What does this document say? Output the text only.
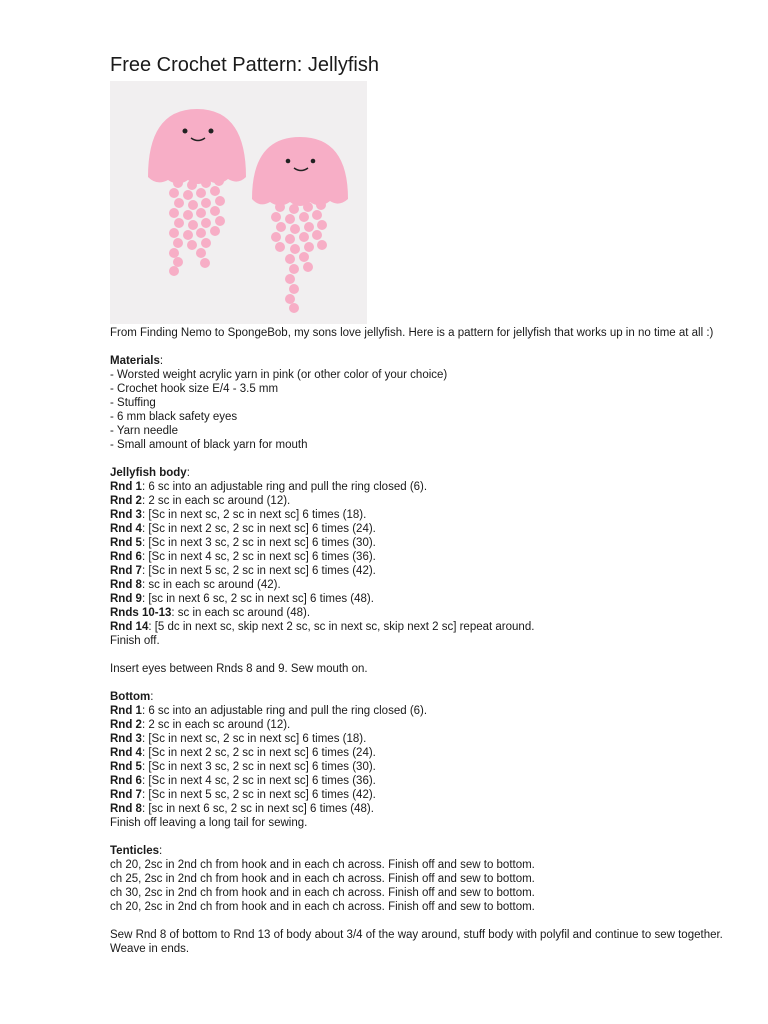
Free Crochet Pattern: Jellyfish

From Finding Nemo to SpongeBob, my sons love jellyfish. Here is a pattern for jellyfish that works up in no time at all :)

Materials:

- Worsted weight acrylic yarn in pink (or other color of your choice)

- Crochet hook size E/4 - 3.5 mm

- Stuffing

- 6 mm black safety eyes

- Yarn needle

- Small amount of black yarn for mouth

Jellyfish body:

Rnd 1: 6 sc into an adjustable ring and pull the ring closed (6).

Rnd 2: 2 sc in each sc around (12).

Rnd 3: [Sc in next sc, 2 sc in next sc] 6 times (18).

Rnd 4: [Sc in next 2 sc, 2 sc in next sc] 6 times (24).

Rnd 5: [Sc in next 3 sc, 2 sc in next sc] 6 times (30).

Rnd 6: [Sc in next 4 sc, 2 sc in next sc] 6 times (36).

Rnd 7: [Sc in next 5 sc, 2 sc in next sc] 6 times (42).

Rnd 8: sc in each sc around (42).

Rnd 9: [sc in next 6 sc, 2 sc in next sc] 6 times (48).

Rnds 10-13: sc in each sc around (48).

Rnd 14: [5 dc in next sc, skip next 2 sc, sc in next sc, skip next 2 sc] repeat around.

Finish off.

Insert eyes between Rnds 8 and 9. Sew mouth on.

Bottom:

Rnd 1: 6 sc into an adjustable ring and pull the ring closed (6).

Rnd 2: 2 sc in each sc around (12).

Rnd 3: [Sc in next sc, 2 sc in next sc] 6 times (18).

Rnd 4: [Sc in next 2 sc, 2 sc in next sc] 6 times (24).

Rnd 5: [Sc in next 3 sc, 2 sc in next sc] 6 times (30).

Rnd 6: [Sc in next 4 sc, 2 sc in next sc] 6 times (36).

Rnd 7: [Sc in next 5 sc, 2 sc in next sc] 6 times (42).

Rnd 8: [sc in next 6 sc, 2 sc in next sc] 6 times (48).

Finish off leaving a long tail for sewing.

Tenticles:

ch 20, 2sc in 2nd ch from hook and in each ch across. Finish off and sew to bottom.

ch 25, 2sc in 2nd ch from hook and in each ch across. Finish off and sew to bottom.

ch 30, 2sc in 2nd ch from hook and in each ch across. Finish off and sew to bottom.

ch 20, 2sc in 2nd ch from hook and in each ch across. Finish off and sew to bottom.

Sew Rnd 8 of bottom to Rnd 13 of body about 3/4 of the way around, stuff body with polyfil and continue to sew together. Weave in ends.
